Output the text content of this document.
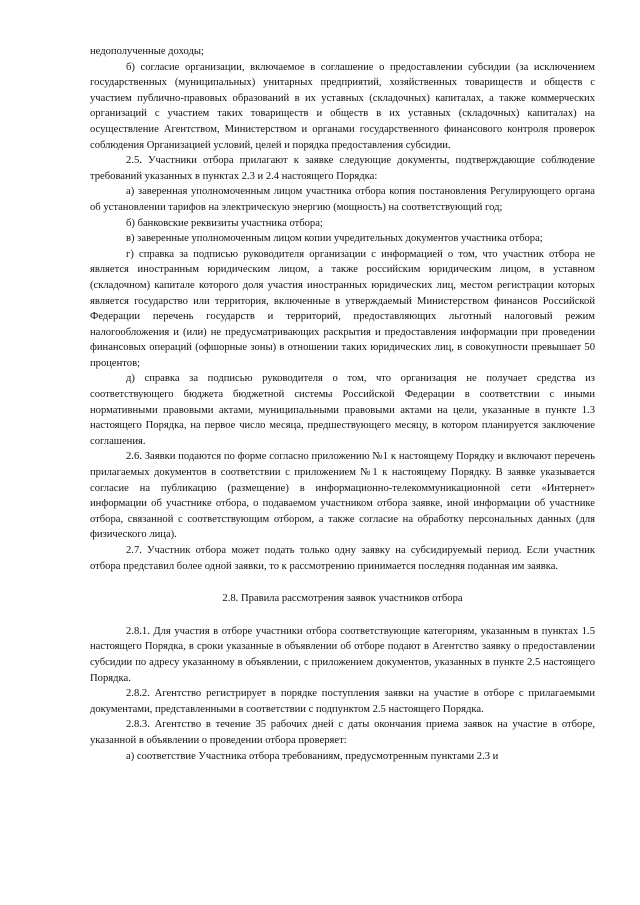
недополученные доходы;

б) согласие организации, включаемое в соглашение о предоставлении субсидии (за исключением государственных (муниципальных) унитарных предприятий, хозяйственных товариществ и обществ с участием публично-правовых образований в их уставных (складочных) капиталах, а также коммерческих организаций с участием таких товариществ и обществ в их уставных (складочных) капиталах) на осуществление Агентством, Министерством и органами государственного финансового контроля проверок соблюдения Организацией условий, целей и порядка предоставления субсидии.

2.5. Участники отбора прилагают к заявке следующие документы, подтверждающие соблюдение требований указанных в пунктах 2.3 и 2.4 настоящего Порядка:

а) заверенная уполномоченным лицом участника отбора копия постановления Регулирующего органа об установлении тарифов на электрическую энергию (мощность) на соответствующий год;

б) банковские реквизиты участника отбора;

в) заверенные уполномоченным лицом копии учредительных документов участника отбора;

г) справка за подписью руководителя организации с информацией о том, что участник отбора не является иностранным юридическим лицом, а также российским юридическим лицом, в уставном (складочном) капитале которого доля участия иностранных юридических лиц, местом регистрации которых является государство или территория, включенные в утверждаемый Министерством финансов Российской Федерации перечень государств и территорий, предоставляющих льготный налоговый режим налогообложения и (или) не предусматривающих раскрытия и предоставления информации при проведении финансовых операций (офшорные зоны) в отношении таких юридических лиц, в совокупности превышает 50 процентов;

д) справка за подписью руководителя о том, что организация не получает средства из соответствующего бюджета бюджетной системы Российской Федерации в соответствии с иными нормативными правовыми актами, муниципальными правовыми актами на цели, указанные в пункте 1.3 настоящего Порядка, на первое число месяца, предшествующего месяцу, в котором планируется заключение соглашения.

2.6. Заявки подаются по форме согласно приложению №1 к настоящему Порядку и включают перечень прилагаемых документов в соответствии с приложением №1 к настоящему Порядку. В заявке указывается согласие на публикацию (размещение) в информационно-телекоммуникационной сети «Интернет» информации об участнике отбора, о подаваемом участником отбора заявке, иной информации об участнике отбора, связанной с соответствующим отбором, а также согласие на обработку персональных данных (для физического лица).

2.7. Участник отбора может подать только одну заявку на субсидируемый период. Если участник отбора представил более одной заявки, то к рассмотрению принимается последняя поданная им заявка.

2.8. Правила рассмотрения заявок участников отбора

2.8.1. Для участия в отборе участники отбора соответствующие категориям, указанным в пунктах 1.5 настоящего Порядка, в сроки указанные в объявлении об отборе подают в Агентство заявку о предоставлении субсидии по адресу указанному в объявлении, с приложением документов, указанных в пункте 2.5 настоящего Порядка.

2.8.2. Агентство регистрирует в порядке поступления заявки на участие в отборе с прилагаемыми документами, представленными в соответствии с подпунктом 2.5 настоящего Порядка.

2.8.3. Агентство в течение 35 рабочих дней с даты окончания приема заявок на участие в отборе, указанной в объявлении о проведении отбора проверяет:

а) соответствие Участника отбора требованиям, предусмотренным пунктами 2.3 и
